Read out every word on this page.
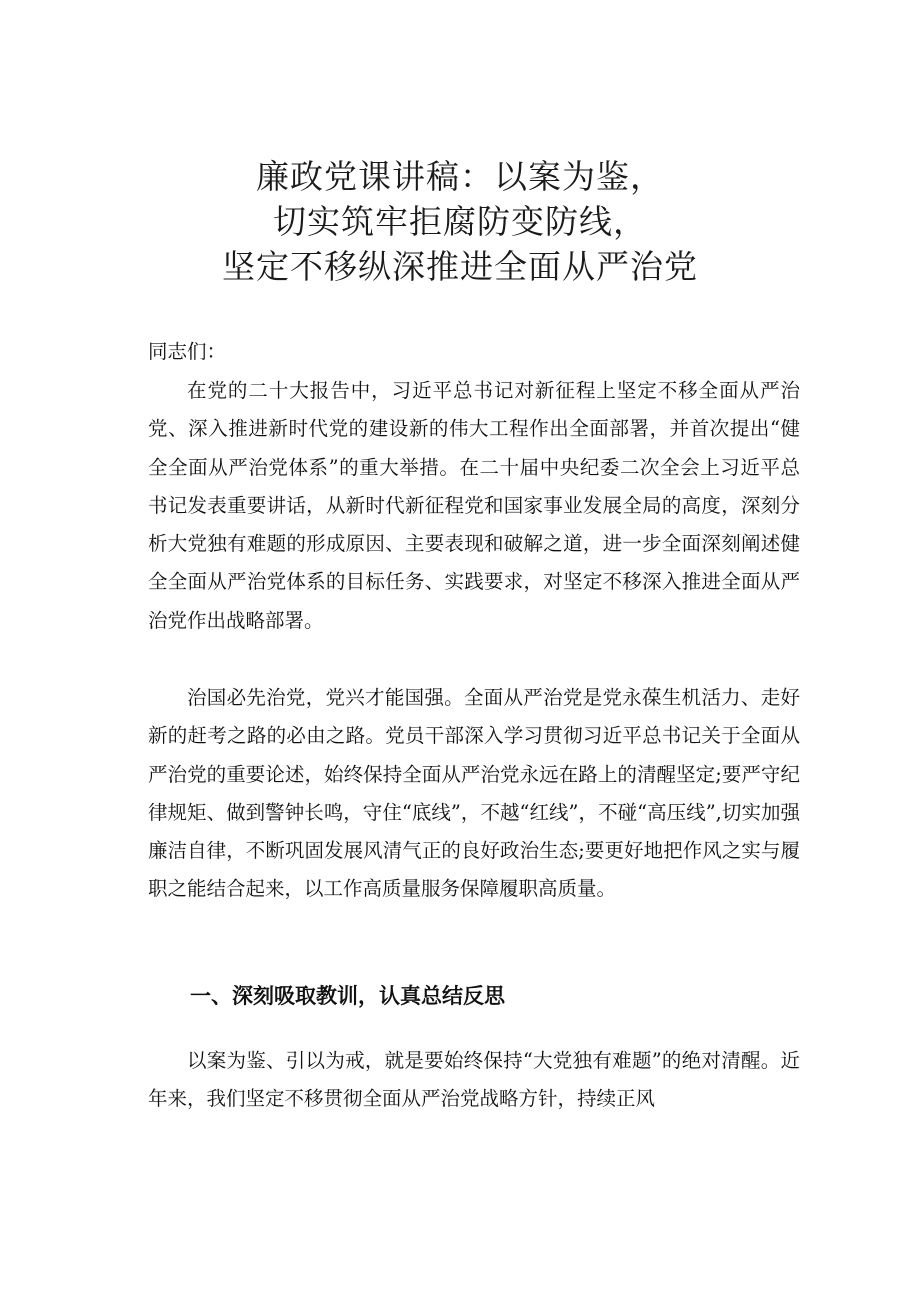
廉政党课讲稿：以案为鉴，
切实筑牢拒腐防变防线，
坚定不移纵深推进全面从严治党
同志们：

在党的二十大报告中，习近平总书记对新征程上坚定不移全面从严治党、深入推进新时代党的建设新的伟大工程作出全面部署，并首次提出“健全全面从严治党体系”的重大举措。在二十届中央纪委二次全会上习近平总书记发表重要讲话，从新时代新征程党和国家事业发展全局的高度，深刻分析大党独有难题的形成原因、主要表现和破解之道，进一步全面深刻阐述健全全面从严治党体系的目标任务、实践要求，对坚定不移深入推进全面从严治党作出战略部署。

治国必先治党，党兴才能国强。全面从严治党是党永葆生机活力、走好新的赶考之路的必由之路。党员干部深入学习贯彻习近平总书记关于全面从严治党的重要论述，始终保持全面从严治党永远在路上的清醒坚定;要严守纪律规矩、做到警钟长鸣，守住“底线”，不越“红线”，不碰“高压线”,切实加强廉洁自律，不断巩固发展风清气正的良好政治生态;要更好地把作风之实与履职之能结合起来，以工作高质量服务保障履职高质量。

一、深刻吸取教训，认真总结反思

以案为鉴、引以为戒，就是要始终保持“大党独有难题”的绝对清醒。近年来，我们坚定不移贯彻全面从严治党战略方针，持续正风
